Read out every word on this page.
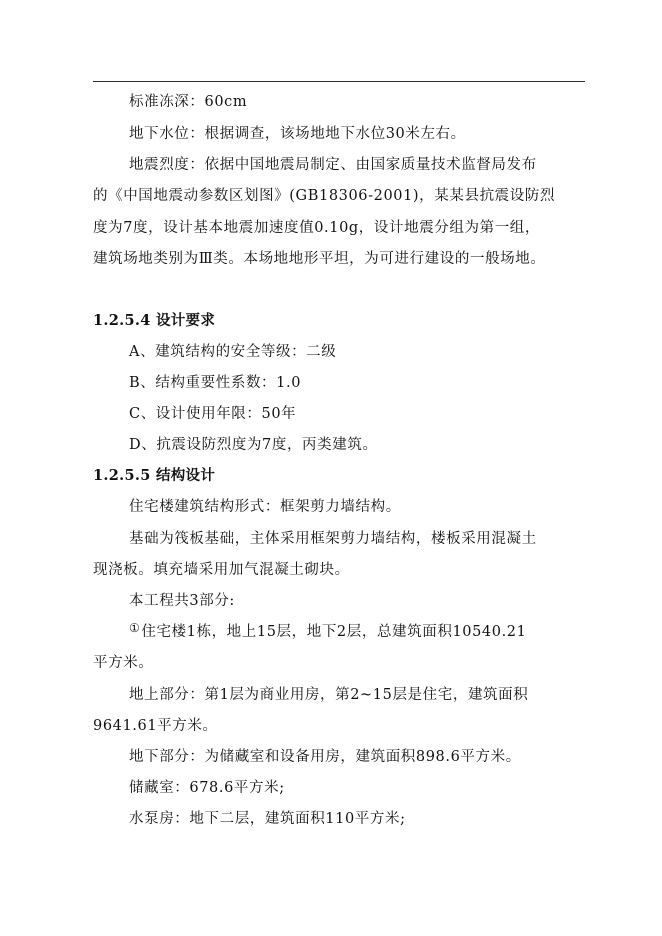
标准冻深：60cm
地下水位：根据调查，该场地地下水位30米左右。
地震烈度：依据中国地震局制定、由国家质量技术监督局发布
的《中国地震动参数区划图》(GB18306-2001)，某某县抗震设防烈
度为7度，设计基本地震加速度值0.10g，设计地震分组为第一组，
建筑场地类别为Ⅲ类。本场地地形平坦，为可进行建设的一般场地。
1.2.5.4 设计要求
A、建筑结构的安全等级：二级
B、结构重要性系数：1.0
C、设计使用年限：50年
D、抗震设防烈度为7度，丙类建筑。
1.2.5.5 结构设计
住宅楼建筑结构形式：框架剪力墙结构。
基础为筏板基础，主体采用框架剪力墙结构，楼板采用混凝土
现浇板。填充墙采用加气混凝土砌块。
本工程共3部分:
①住宅楼1栋，地上15层，地下2层，总建筑面积10540.21
平方米。
地上部分：第1层为商业用房，第2~15层是住宅，建筑面积
9641.61平方米。
地下部分：为储藏室和设备用房，建筑面积898.6平方米。
储藏室：678.6平方米;
水泵房：地下二层，建筑面积110平方米;
